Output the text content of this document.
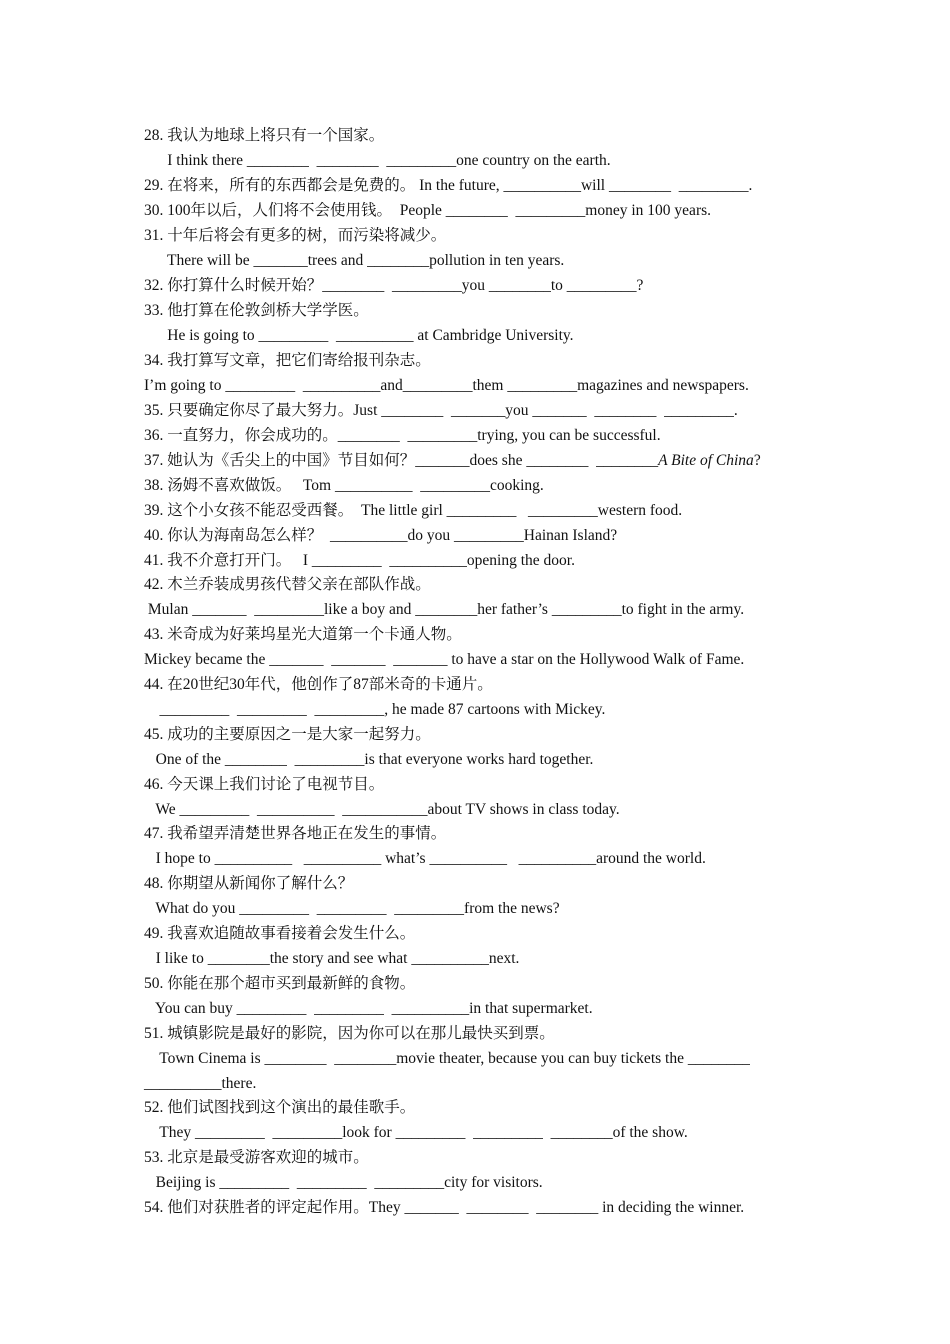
28. 我认为地球上将只有一个国家。
I think there ________  ________  _________one country on the earth.
29. 在将来，所有的东西都会是免费的。 In the future, __________will ________  _________.
30. 100年以后，人们将不会使用钱。  People ________  _________money in 100 years.
31. 十年后将会有更多的树，而污染将减少。
There will be _______trees and ________pollution in ten years.
32. 你打算什么时候开始？________  _________you ________to _________?
33. 他打算在伦敦剑桥大学学医。
He is going to _________  __________ at Cambridge University.
34. 我打算写文章，把它们寄给报刊杂志。
I’m going to _________  __________and_________them _________magazines and newspapers.
35. 只要确定你尽了最大努力。Just ________  _______you _______  ________  _________.
36. 一直努力，你会成功的。________  _________trying, you can be successful.
37. 她认为《舌尖上的中国》节目如何？_______does she ________  ________A Bite of China?
38. 汤姆不喜欢做饭。   Tom __________  _________cooking.
39. 这个小女孩不能忍受西餐。  The little girl _________   _________western food.
40. 你认为海南岛怎么样？  __________do you _________Hainan Island?
41. 我不介意打开门。   I _________  __________opening the door.
42. 木兰乔装成男孩代替父亲在部队作战。
Mulan _______  _________like a boy and ________her father’s _________to fight in the army.
43. 米奇成为好莱坞星光大道第一个卡通人物。
Mickey became the _______  _______  _______ to have a star on the Hollywood Walk of Fame.
44. 在20世纪30年代，他创作了87部米奇的卡通片。
_________  _________  _________, he made 87 cartoons with Mickey.
45. 成功的主要原因之一是大家一起努力。
One of the ________  _________is that everyone works hard together.
46. 今天课上我们讨论了电视节目。
We _________  __________  ___________about TV shows in class today.
47. 我希望弄清楚世界各地正在发生的事情。
I hope to __________   __________ what’s __________   __________around the world.
48. 你期望从新闻你了解什么？
What do you _________  _________  _________from the news?
49. 我喜欢追随故事看接着会发生什么。
I like to ________the story and see what __________next.
50. 你能在那个超市买到最新鲜的食物。
You can buy _________  _________  __________in that supermarket.
51. 城镇影院是最好的影院，因为你可以在那儿最快买到票。
Town Cinema is ________  ________movie theater, because you can buy tickets the ________
__________there.
52. 他们试图找到这个演出的最佳歌手。
They _________  _________look for _________  _________  ________of the show.
53. 北京是最受游客欢迎的城市。
Beijing is _________  _________  _________city for visitors.
54. 他们对获胜者的评定起作用。They _______  ________  ________ in deciding the winner.
